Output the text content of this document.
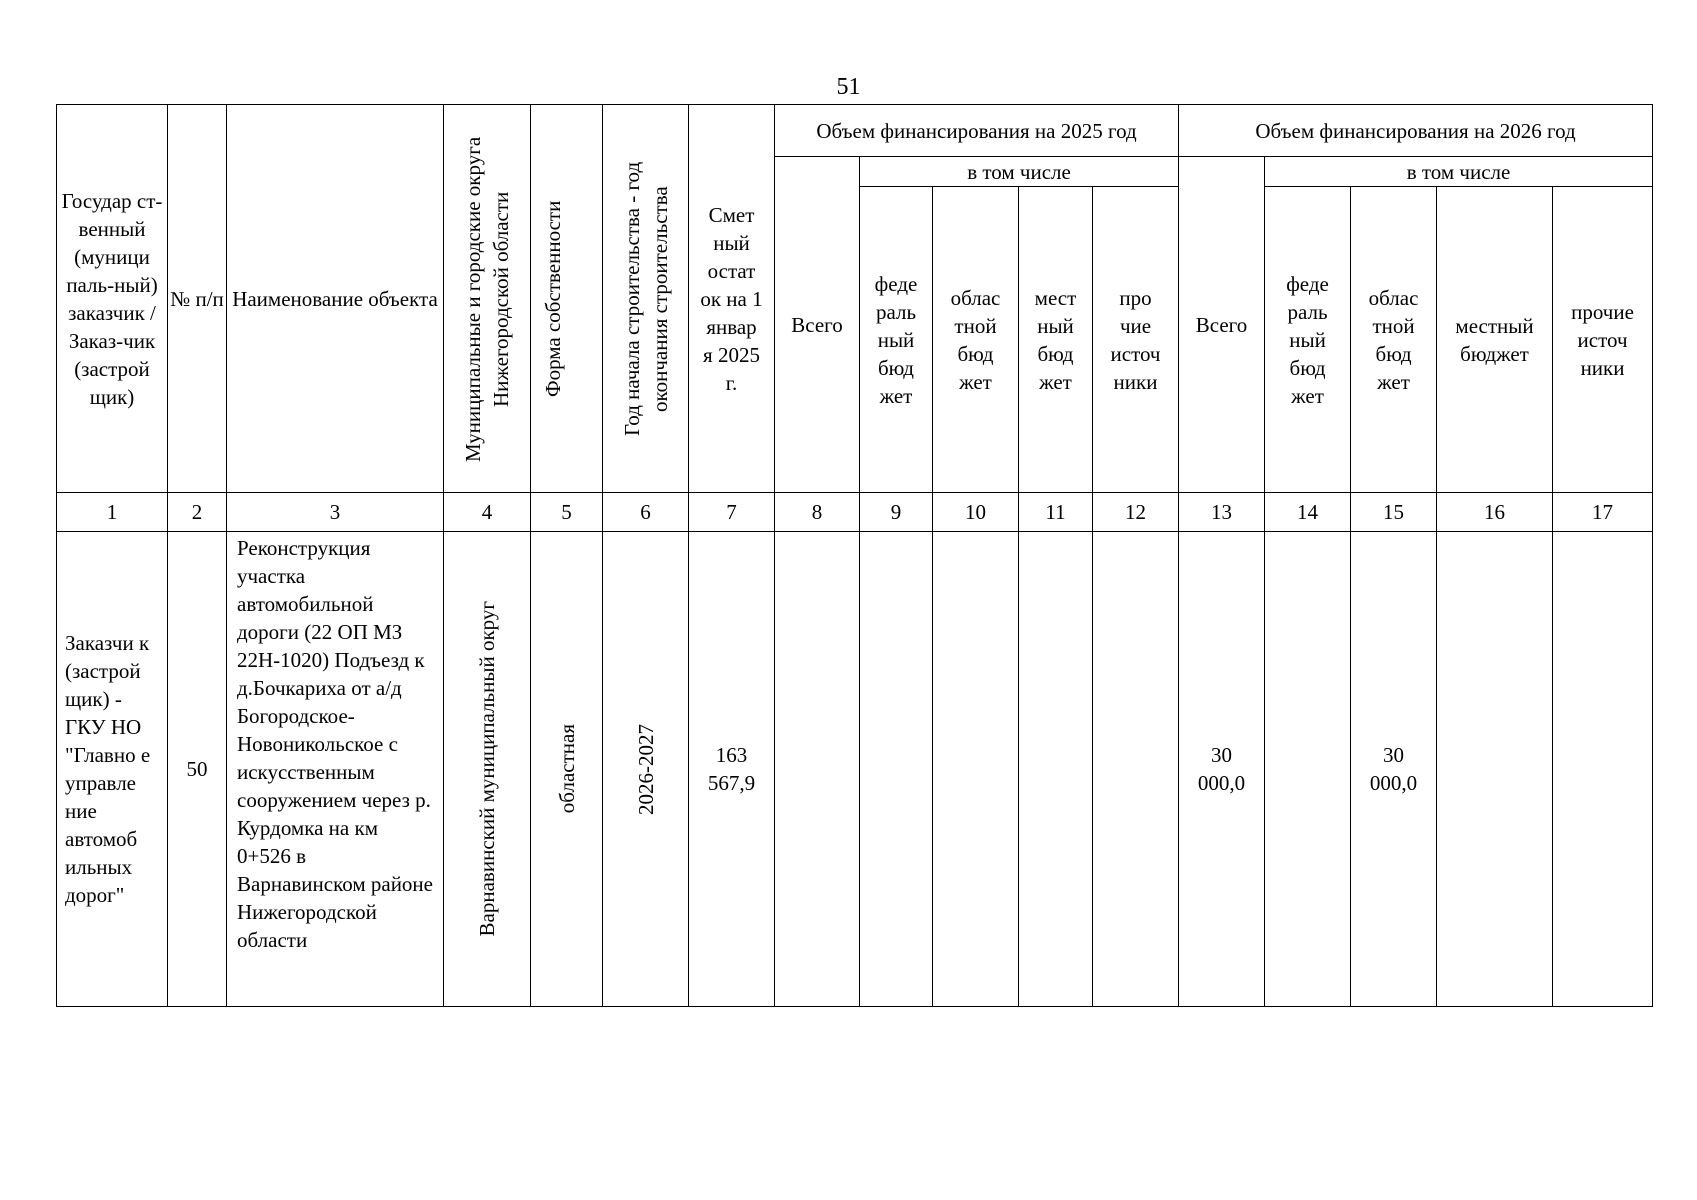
51
Государ ст-венный (муници паль-ный) заказчик / Заказ-чик (застрой щик)	№ п/п	Наименование объекта	Муниципальные и городские округа Нижегородской области	Форма собственности	Год начала строительства - год окончания строительства	Смет ный остат ок на 1 январ я 2025 г.	Объем финансирования на 2025 год					Объем финансирования на 2026 год				
							Всего	в том числе				Всего	в том числе			
								феде раль ный бюд жет	облас тной бюд жет	мест ный бюд жет	про чие источ ники		феде раль ный бюд жет	облас тной бюд жет	местный бюджет	прочие источ ники
1	2	3	4	5	6	7	8	9	10	11	12	13	14	15	16	17
Заказчи к (застрой щик) - ГКУ НО "Главно е управле ние автомоб ильных дорог"	50	Реконструкция участка автомобильной дороги (22 ОП МЗ 22Н-1020) Подъезд к д.Бочкариха от а/д Богородское-Новоникольское с искусственным сооружением через р. Курдомка на км 0+526 в Варнавинском районе Нижегородской области	Варнавинский муниципальный округ	областная	2026-2027	163 567,9						30 000,0		30 000,0		
